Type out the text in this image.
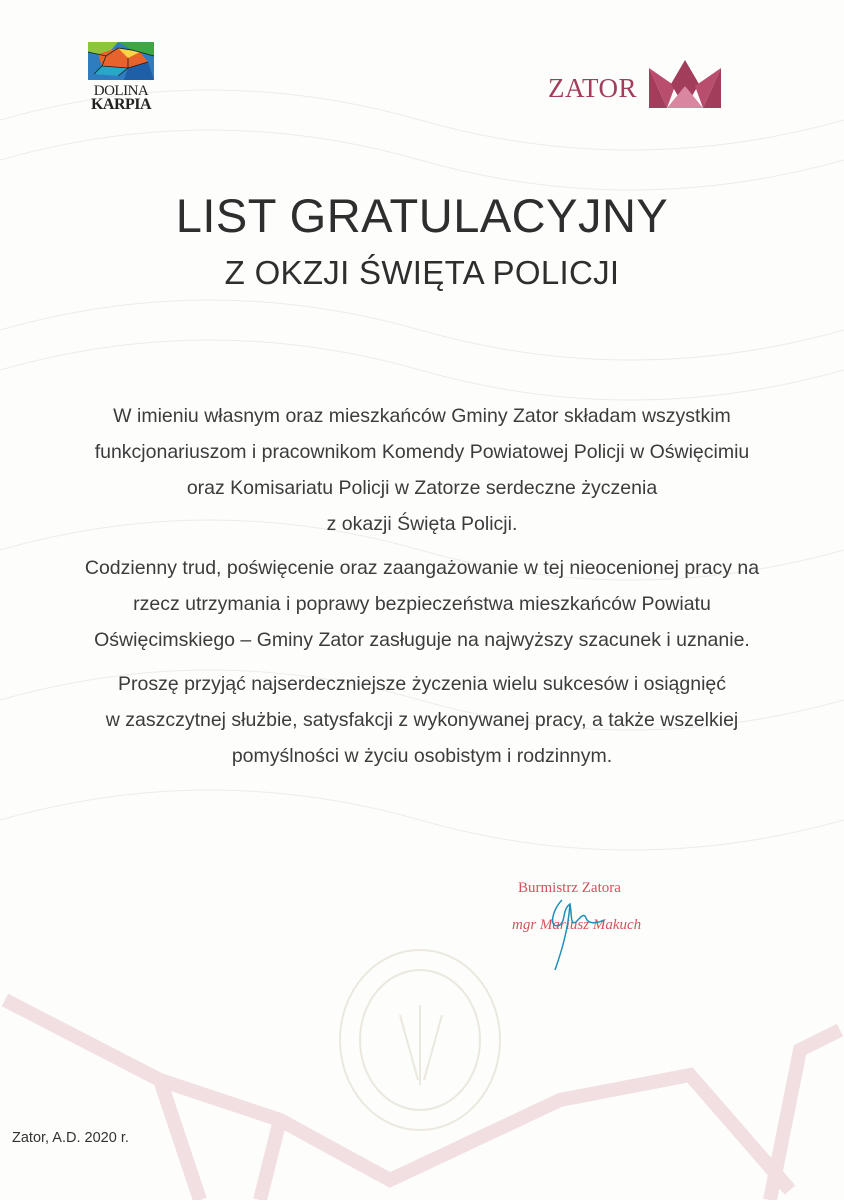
DOLINA
KARPIA
ZATOR
LIST GRATULACYJNY
Z OKZJI ŚWIĘTA POLICJI

W imieniu własnym oraz mieszkańców Gminy Zator składam wszystkim
funkcjonariuszom i pracownikom Komendy Powiatowej Policji w Oświęcimiu
oraz Komisariatu Policji w Zatorze serdeczne życzenia
z okazji Święta Policji.

Codzienny trud, poświęcenie oraz zaangażowanie w tej nieocenionej pracy na
rzecz utrzymania i poprawy bezpieczeństwa mieszkańców Powiatu
Oświęcimskiego – Gminy Zator zasługuje na najwyższy szacunek i uznanie.

Proszę przyjąć najserdeczniejsze życzenia wielu sukcesów i osiągnięć
w zaszczytnej służbie, satysfakcji z wykonywanej pracy, a także wszelkiej
pomyślności w życiu osobistym i rodzinnym.

Burmistrz Zatora
mgr Mariusz Makuch
Zator, A.D. 2020 r.
